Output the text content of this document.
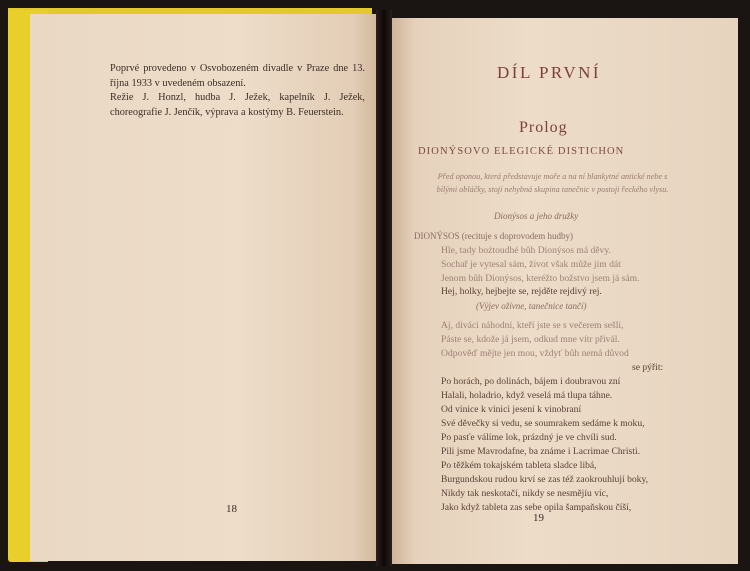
Poprvé provedeno v Osvobozeném divadle v Praze dne 13. října 1933 v uvedeném obsazení.

Režie J. Honzl, hudba J. Ježek, kapelník J. Ježek, choreografie J. Jenčík, výprava a kostýmy B. Feuerstein.

18
DÍL PRVNÍ
Prolog
DIONÝSOVO ELEGICKÉ DISTICHON
Před oponou, která představuje moře a na ní blankytné antické nebe s bílými obláčky, stojí nehybná skupina tanečnic v postoji řeckého vlysu.
Dionýsos a jeho družky
DIONÝSOS (recituje s doprovodem hudby)
Hle, tady bożtoudhé bůh Dionýsos má děvy.
Sochař je vytesal sám, život však může jim dát
Jenom bůh Dionýsos, kteréžto božstvo jsem já sám.
Hej, holky, hejbejte se, rejděte rejdivý rej.
(Výjev ožívne, tanečnice tančí)
Aj, diváci náhodní, kteří jste se s večerem sešli,
Páste se, kdože já jsem, odkud mne vítr přivál.
Odpověď mějte jen mou, vždyť bůh nemá důvod
se pýřit:
Po horách, po dolinách, bájem i doubravou zní
Halali, holadrio, když veselá má tlupa táhne.
Od vinice k vinici jesení k vinobraní
Své děvečky si vedu, se soumrakem sedáme k moku,
Po pasťe válíme lok, prázdný je ve chvíli sud.
Pili jsme Mavrodafne, ba známe i Lacrimae Christi.
Po těžkém tokajském tableta sladce libá,
Burgundskou rudou krví se zas též zaokrouhlují boky,
Nikdy tak neskotačí, nikdy se nesmějíu víc,
Jako když tableta zas sebe opila šampaňskou číší,
19
